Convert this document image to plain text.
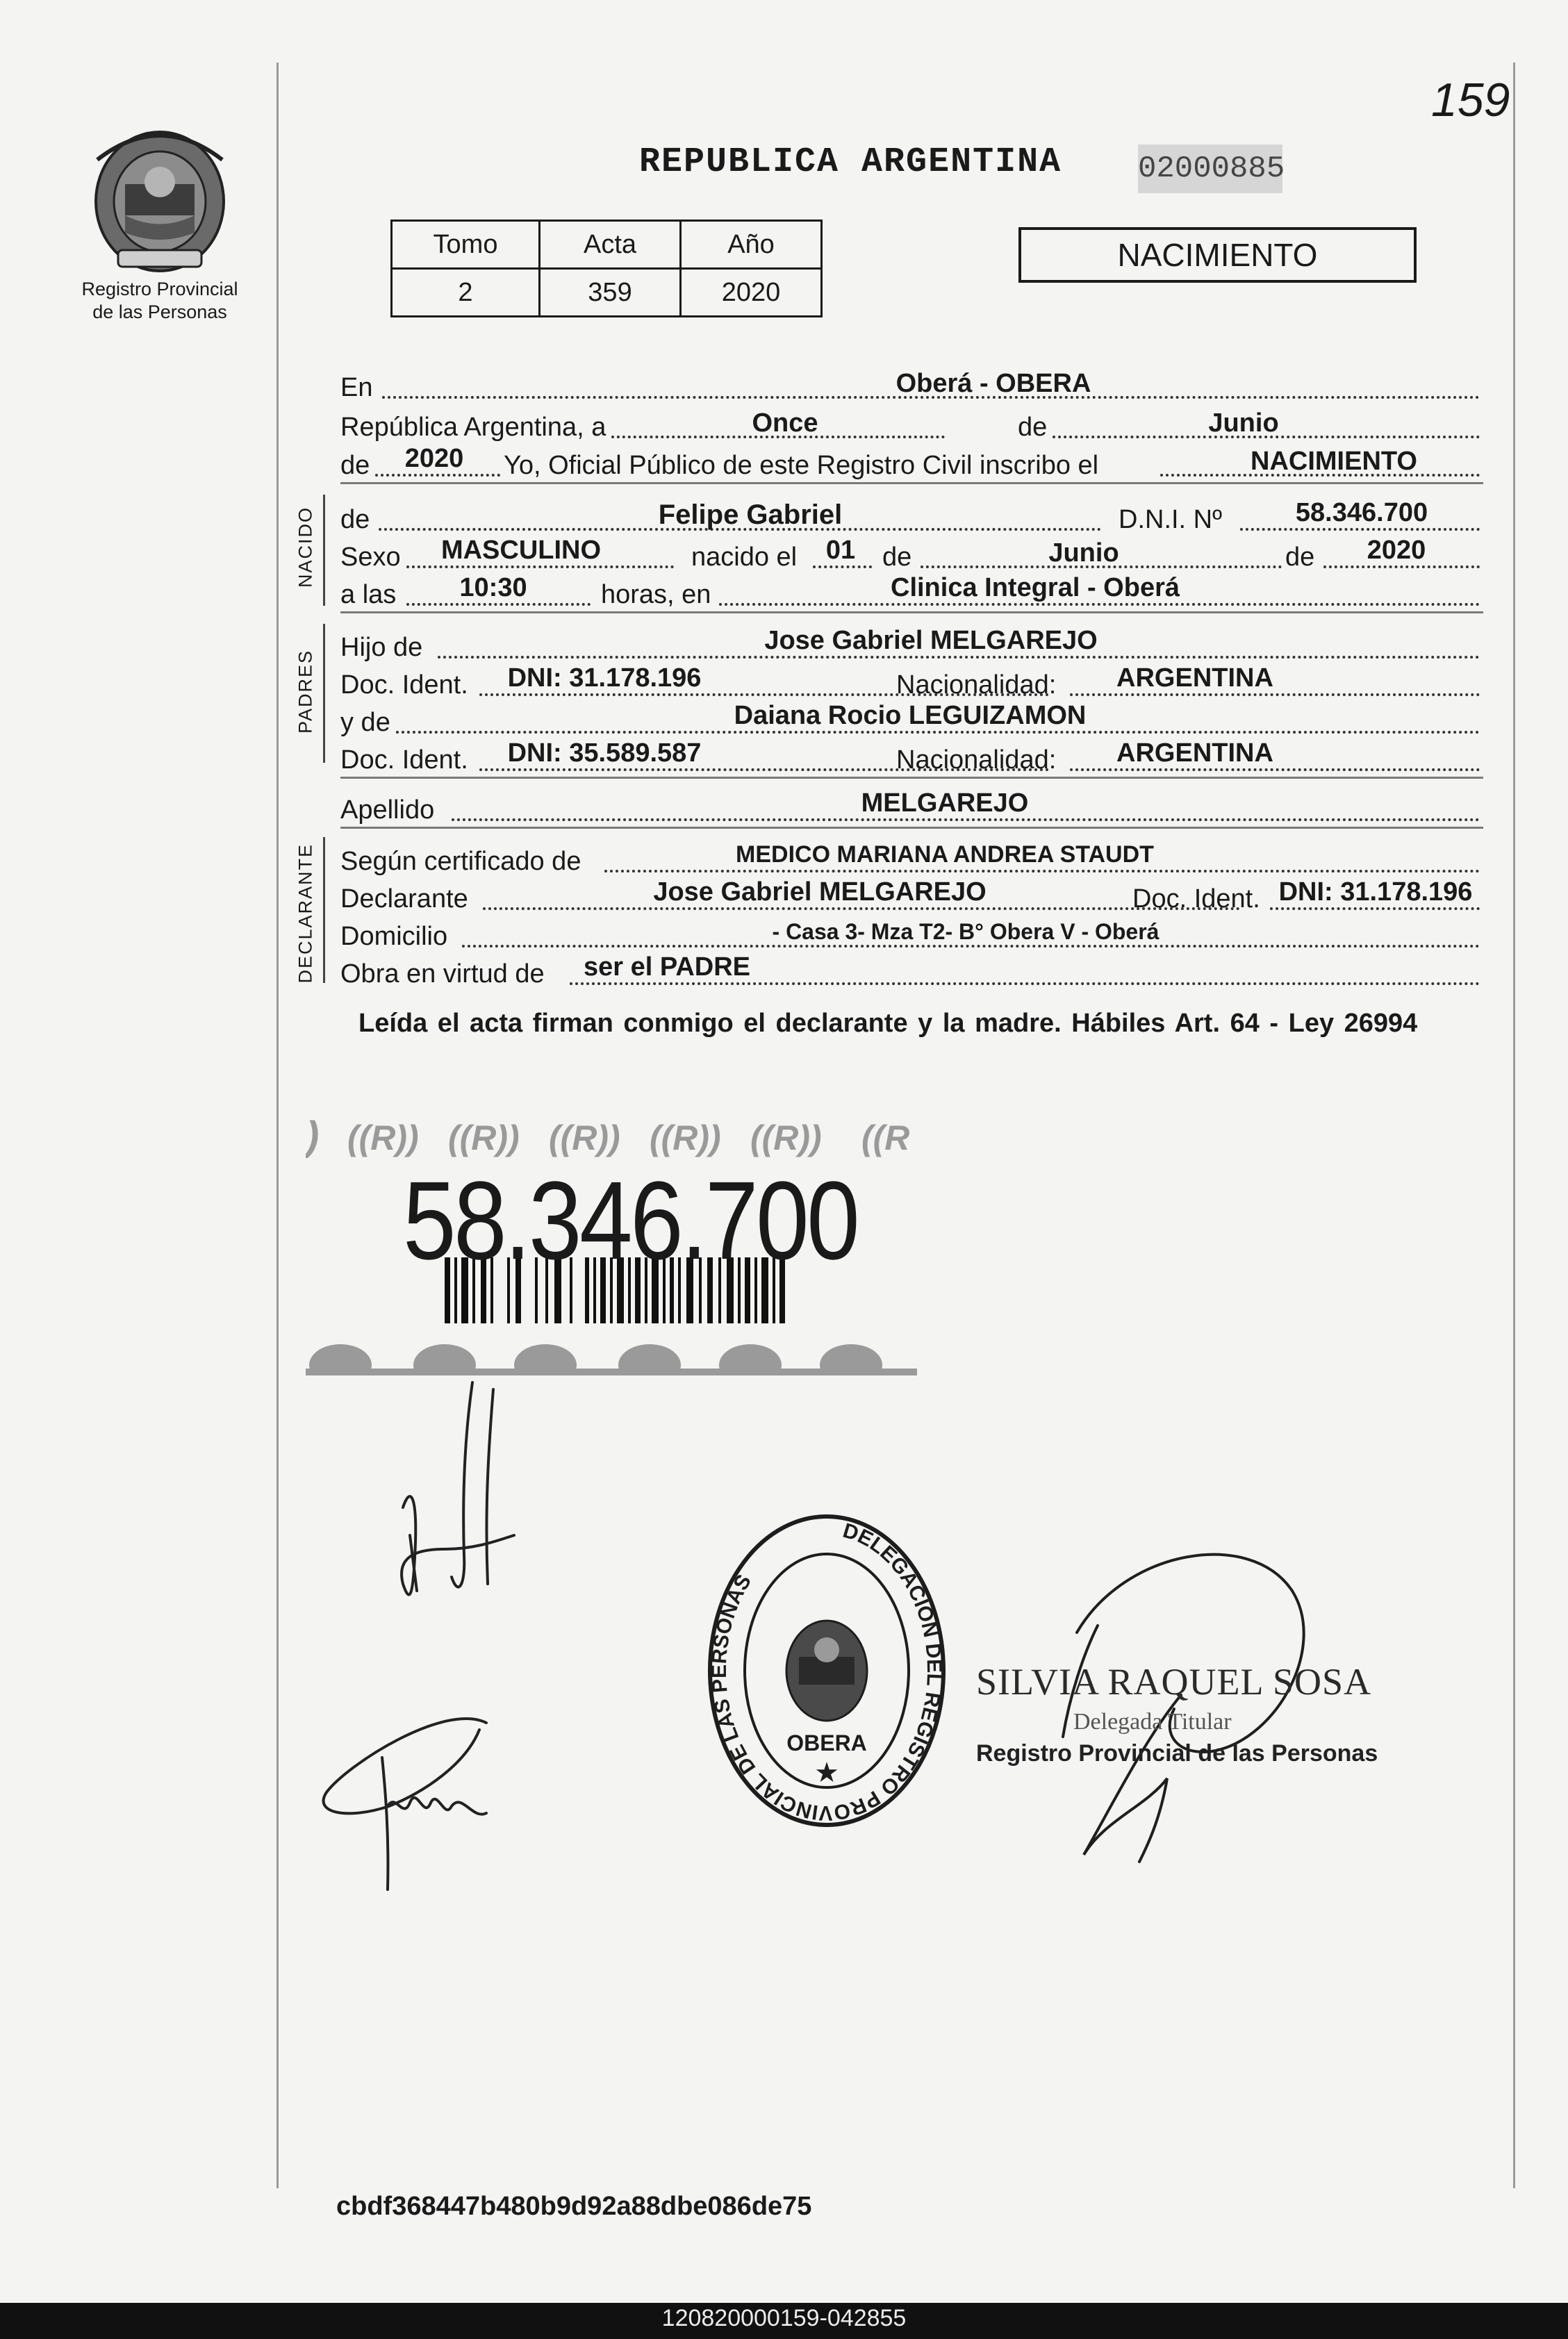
159
Registro Provincial
de las Personas
REPUBLICA ARGENTINA 02000885
Tomo	Acta	Año
2	359	2020
NACIMIENTO
En	Oberá - OBERA
República Argentina, a	Once	de	Junio
de	2020	Yo, Oficial Público de este Registro Civil inscribo el	NACIMIENTO
NACIDO de	Felipe Gabriel	D.N.I. Nº	58.346.700
Sexo	MASCULINO	nacido el	01	de	Junio	de	2020
a las	10:30	horas, en	Clinica Integral - Oberá
PADRES
Hijo de	Jose Gabriel MELGAREJO
Doc. Ident.	DNI: 31.178.196	Nacionalidad:	ARGENTINA
y de	Daiana Rocio LEGUIZAMON
Doc. Ident.	DNI: 35.589.587	Nacionalidad:	ARGENTINA
Apellido	MELGAREJO
DECLARANTE Según certificado de	MEDICO MARIANA ANDREA STAUDT
Declarante	Jose Gabriel MELGAREJO	Doc. Ident. DNI: 31.178.196
Domicilio	- Casa 3- Mza T2- B° Obera V - Oberá
Obra en virtud de	ser el PADRE
Leída el acta firman conmigo el declarante y la madre. Hábiles Art. 64 - Ley 26994
) ((R)) ((R)) ((R)) ((R)) ((R)) ((R
58.346.700
DELEGACION DEL REGISTRO PROVINCIAL DE LAS PERSONAS
OBERA
★
SILVIA RAQUEL SOSA
Delegada Titular
Registro Provincial de las Personas
cbdf368447b480b9d92a88dbe086de75
120820000159-042855
